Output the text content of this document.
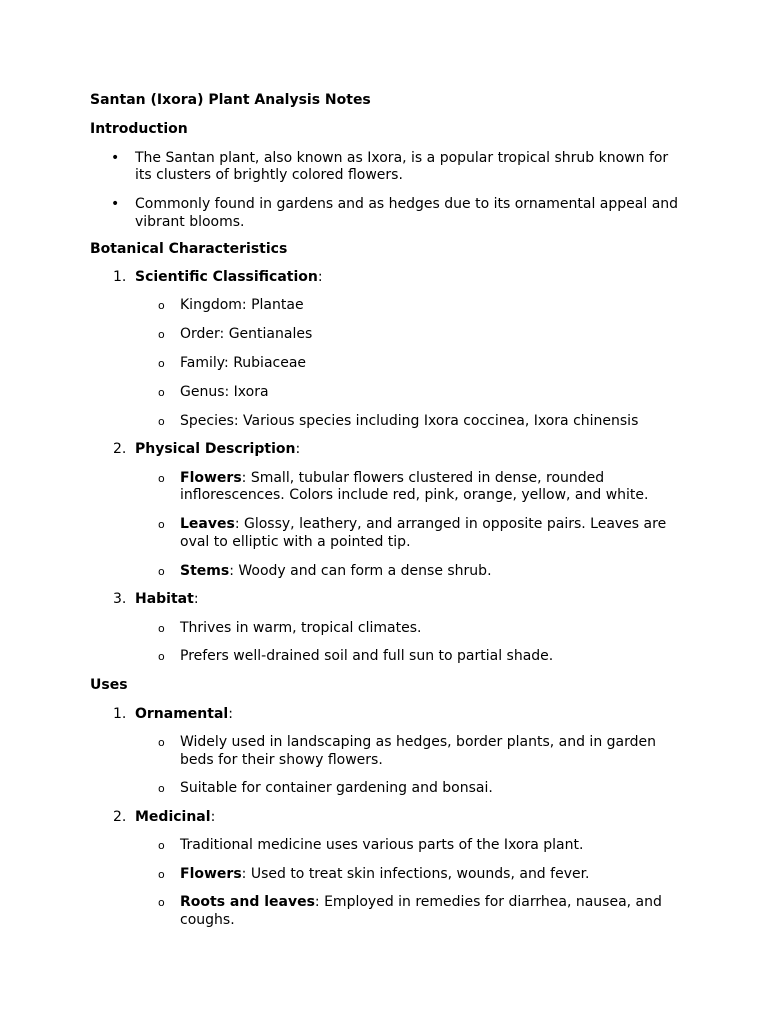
Santan (Ixora) Plant Analysis Notes
Introduction
• The Santan plant, also known as Ixora, is a popular tropical shrub known for
its clusters of brightly colored flowers.
• Commonly found in gardens and as hedges due to its ornamental appeal and
vibrant blooms.
Botanical Characteristics
1. Scientific Classification:
o Kingdom: Plantae
o Order: Gentianales
o Family: Rubiaceae
o Genus: Ixora
o Species: Various species including Ixora coccinea, Ixora chinensis
2. Physical Description:
o Flowers: Small, tubular flowers clustered in dense, rounded
inflorescences. Colors include red, pink, orange, yellow, and white.
o Leaves: Glossy, leathery, and arranged in opposite pairs. Leaves are
oval to elliptic with a pointed tip.
o Stems: Woody and can form a dense shrub.
3. Habitat:
o Thrives in warm, tropical climates.
o Prefers well-drained soil and full sun to partial shade.
Uses
1. Ornamental:
o Widely used in landscaping as hedges, border plants, and in garden
beds for their showy flowers.
o Suitable for container gardening and bonsai.
2. Medicinal:
o Traditional medicine uses various parts of the Ixora plant.
o Flowers: Used to treat skin infections, wounds, and fever.
o Roots and leaves: Employed in remedies for diarrhea, nausea, and
coughs.
